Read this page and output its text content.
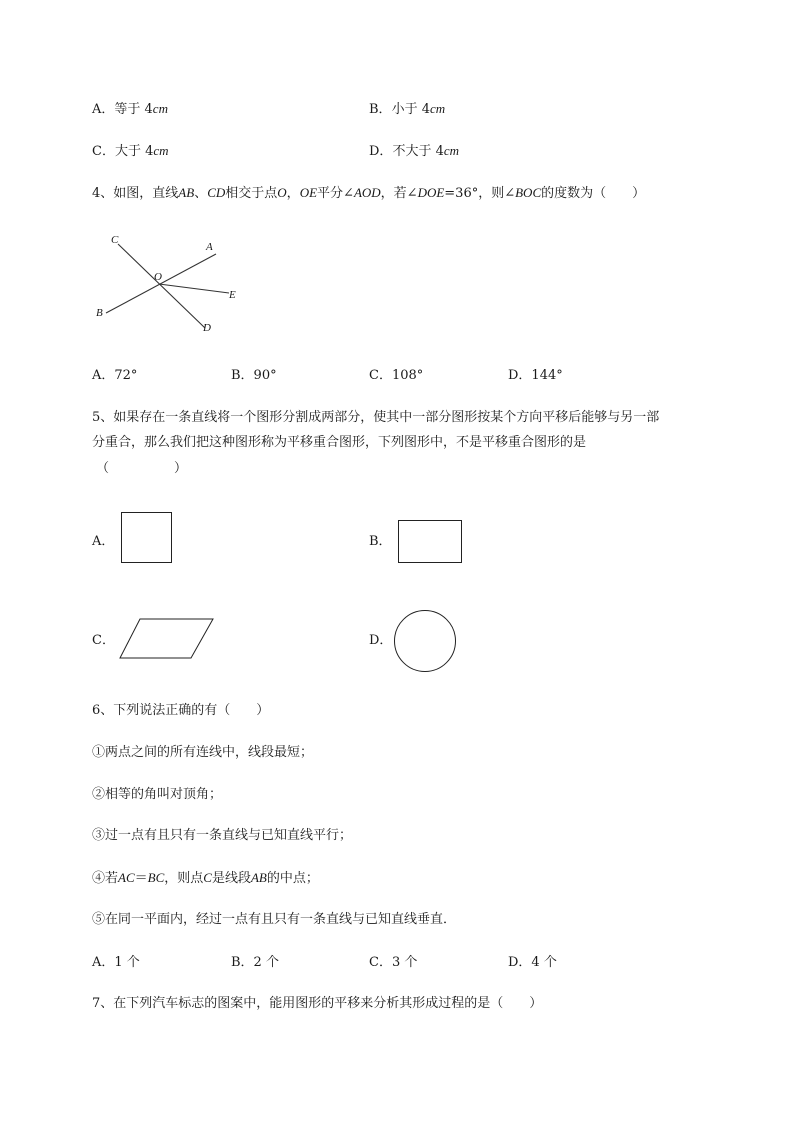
A．等于 4cm	B．小于 4cm
C．大于 4cm	D．不大于 4cm
4、如图，直线AB、CD相交于点O，OE平分∠AOD，若∠DOE=36°，则∠BOC的度数为（　　）
C
A
O
E
B
D
A．72°	B．90°	C．108°	D．144°
5、如果存在一条直线将一个图形分割成两部分，使其中一部分图形按某个方向平移后能够与另一部
分重合，那么我们把这种图形称为平移重合图形，下列图形中，不是平移重合图形的是
（　　　　　）
A．	B．
C．	D．
6、下列说法正确的有（　　）
①两点之间的所有连线中，线段最短；
②相等的角叫对顶角；
③过一点有且只有一条直线与已知直线平行；
④若AC＝BC，则点C是线段AB的中点；
⑤在同一平面内，经过一点有且只有一条直线与已知直线垂直．
A．1 个	B．2 个	C．3 个	D．4 个
7、在下列汽车标志的图案中，能用图形的平移来分析其形成过程的是（　　）
